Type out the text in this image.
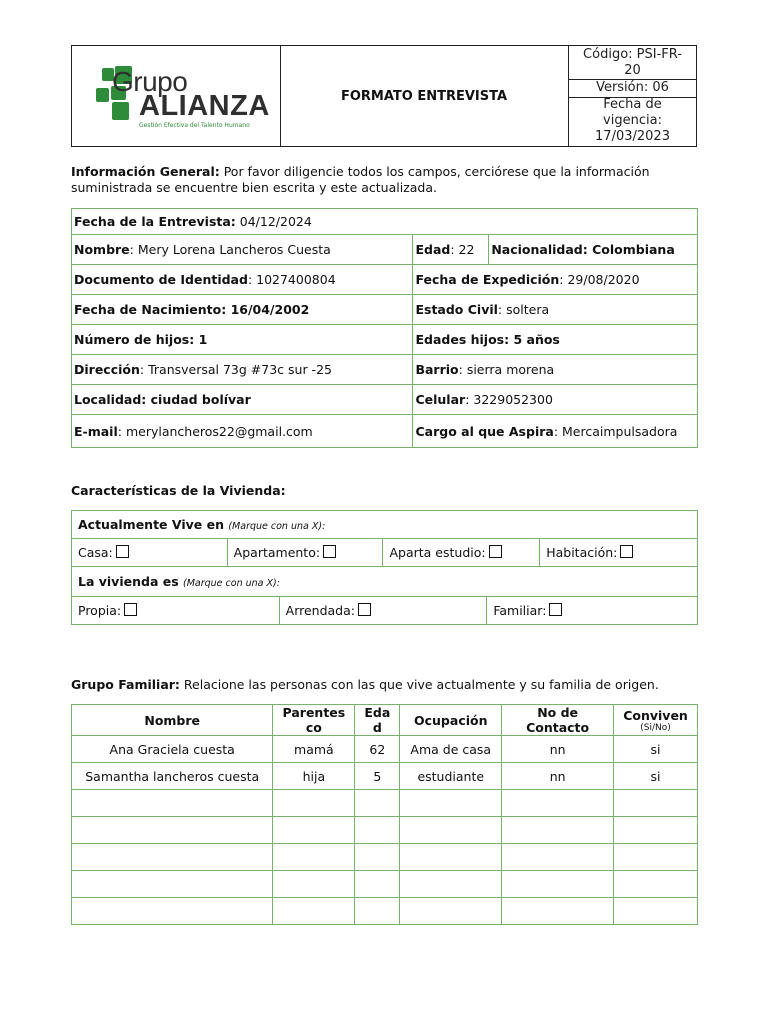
Grupo
ALIANZA
Gestión Efectiva del Talento Humano
FORMATO ENTREVISTA
Código: PSI-FR-
20
Versión: 06
Fecha de
vigencia:
17/03/2023
Información General: Por favor diligencie todos los campos, cerciórese que la información suministrada se encuentre bien escrita y este actualizada.
Fecha de la Entrevista: 04/12/2024		
Nombre: Mery Lorena Lancheros Cuesta	Edad: 22	Nacionalidad: Colombiana
Documento de Identidad: 1027400804	Fecha de Expedición: 29/08/2020	
Fecha de Nacimiento: 16/04/2002	Estado Civil: soltera	
Número de hijos: 1	Edades hijos: 5 años	
Dirección: Transversal 73g #73c sur -25	Barrio: sierra morena	
Localidad: ciudad bolívar	Celular: 3229052300	
E-mail: merylancheros22@gmail.com	Cargo al que Aspira: Mercaimpulsadora	
Características de la Vivienda:
Actualmente Vive en (Marque con una X):
Casa:	Apartamento:	Aparta estudio:	Habitación:
La vivienda es (Marque con una X):
Propia:	Arrendada:	Familiar:
Grupo Familiar: Relacione las personas con las que vive actualmente y su familia de origen.
Nombre	Parentesco	Edad	Ocupación	No de Contacto	Conviven
(Si/No)

Ana Graciela cuesta	mamá	62	Ama de casa	nn	si
Samantha lancheros cuesta	hija	5	estudiante	nn	si
